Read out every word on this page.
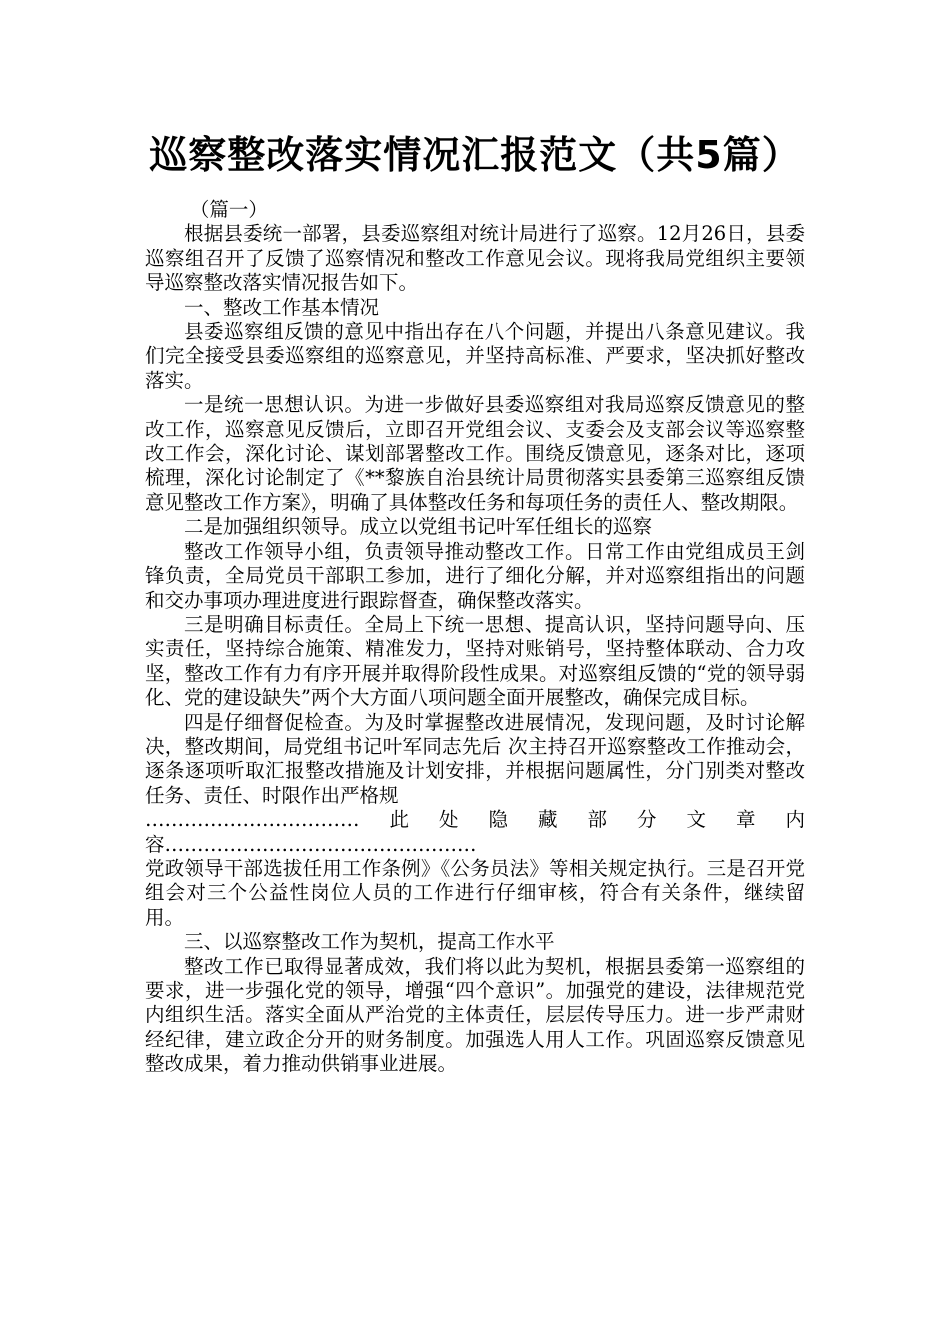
巡察整改落实情况汇报范文（共5篇）

（篇一）

根据县委统一部署，县委巡察组对统计局进行了巡察。12月26日，县委巡察组召开了反馈了巡察情况和整改工作意见会议。现将我局党组织主要领导巡察整改落实情况报告如下。

一、整改工作基本情况

县委巡察组反馈的意见中指出存在八个问题，并提出八条意见建议。我们完全接受县委巡察组的巡察意见，并坚持高标准、严要求，坚决抓好整改落实。

一是统一思想认识。为进一步做好县委巡察组对我局巡察反馈意见的整改工作，巡察意见反馈后，立即召开党组会议、支委会及支部会议等巡察整改工作会，深化讨论、谋划部署整改工作。围绕反馈意见，逐条对比，逐项梳理，深化讨论制定了《**黎族自治县统计局贯彻落实县委第三巡察组反馈意见整改工作方案》，明确了具体整改任务和每项任务的责任人、整改期限。

二是加强组织领导。成立以党组书记叶军任组长的巡察

整改工作领导小组，负责领导推动整改工作。日常工作由党组成员王剑锋负责，全局党员干部职工参加，进行了细化分解，并对巡察组指出的问题和交办事项办理进度进行跟踪督查，确保整改落实。

三是明确目标责任。全局上下统一思想、提高认识，坚持问题导向、压实责任，坚持综合施策、精准发力，坚持对账销号，坚持整体联动、合力攻坚，整改工作有力有序开展并取得阶段性成果。对巡察组反馈的“党的领导弱化、党的建设缺失”两个大方面八项问题全面开展整改，确保完成目标。

四是仔细督促检查。为及时掌握整改进展情况，发现问题，及时讨论解决，整改期间，局党组书记叶军同志先后 次主持召开巡察整改工作推动会，逐条逐项听取汇报整改措施及计划安排，并根据问题属性，分门别类对整改任务、责任、时限作出严格规

……………………………此处隐藏部分文章内容…………………………………………

党政领导干部选拔任用工作条例》《公务员法》等相关规定执行。三是召开党组会对三个公益性岗位人员的工作进行仔细审核，符合有关条件，继续留用。

三、以巡察整改工作为契机，提高工作水平

整改工作已取得显著成效，我们将以此为契机，根据县委第一巡察组的要求，进一步强化党的领导，增强“四个意识”。加强党的建设，法律规范党内组织生活。落实全面从严治党的主体责任，层层传导压力。进一步严肃财经纪律，建立政企分开的财务制度。加强选人用人工作。巩固巡察反馈意见整改成果，着力推动供销事业进展。
